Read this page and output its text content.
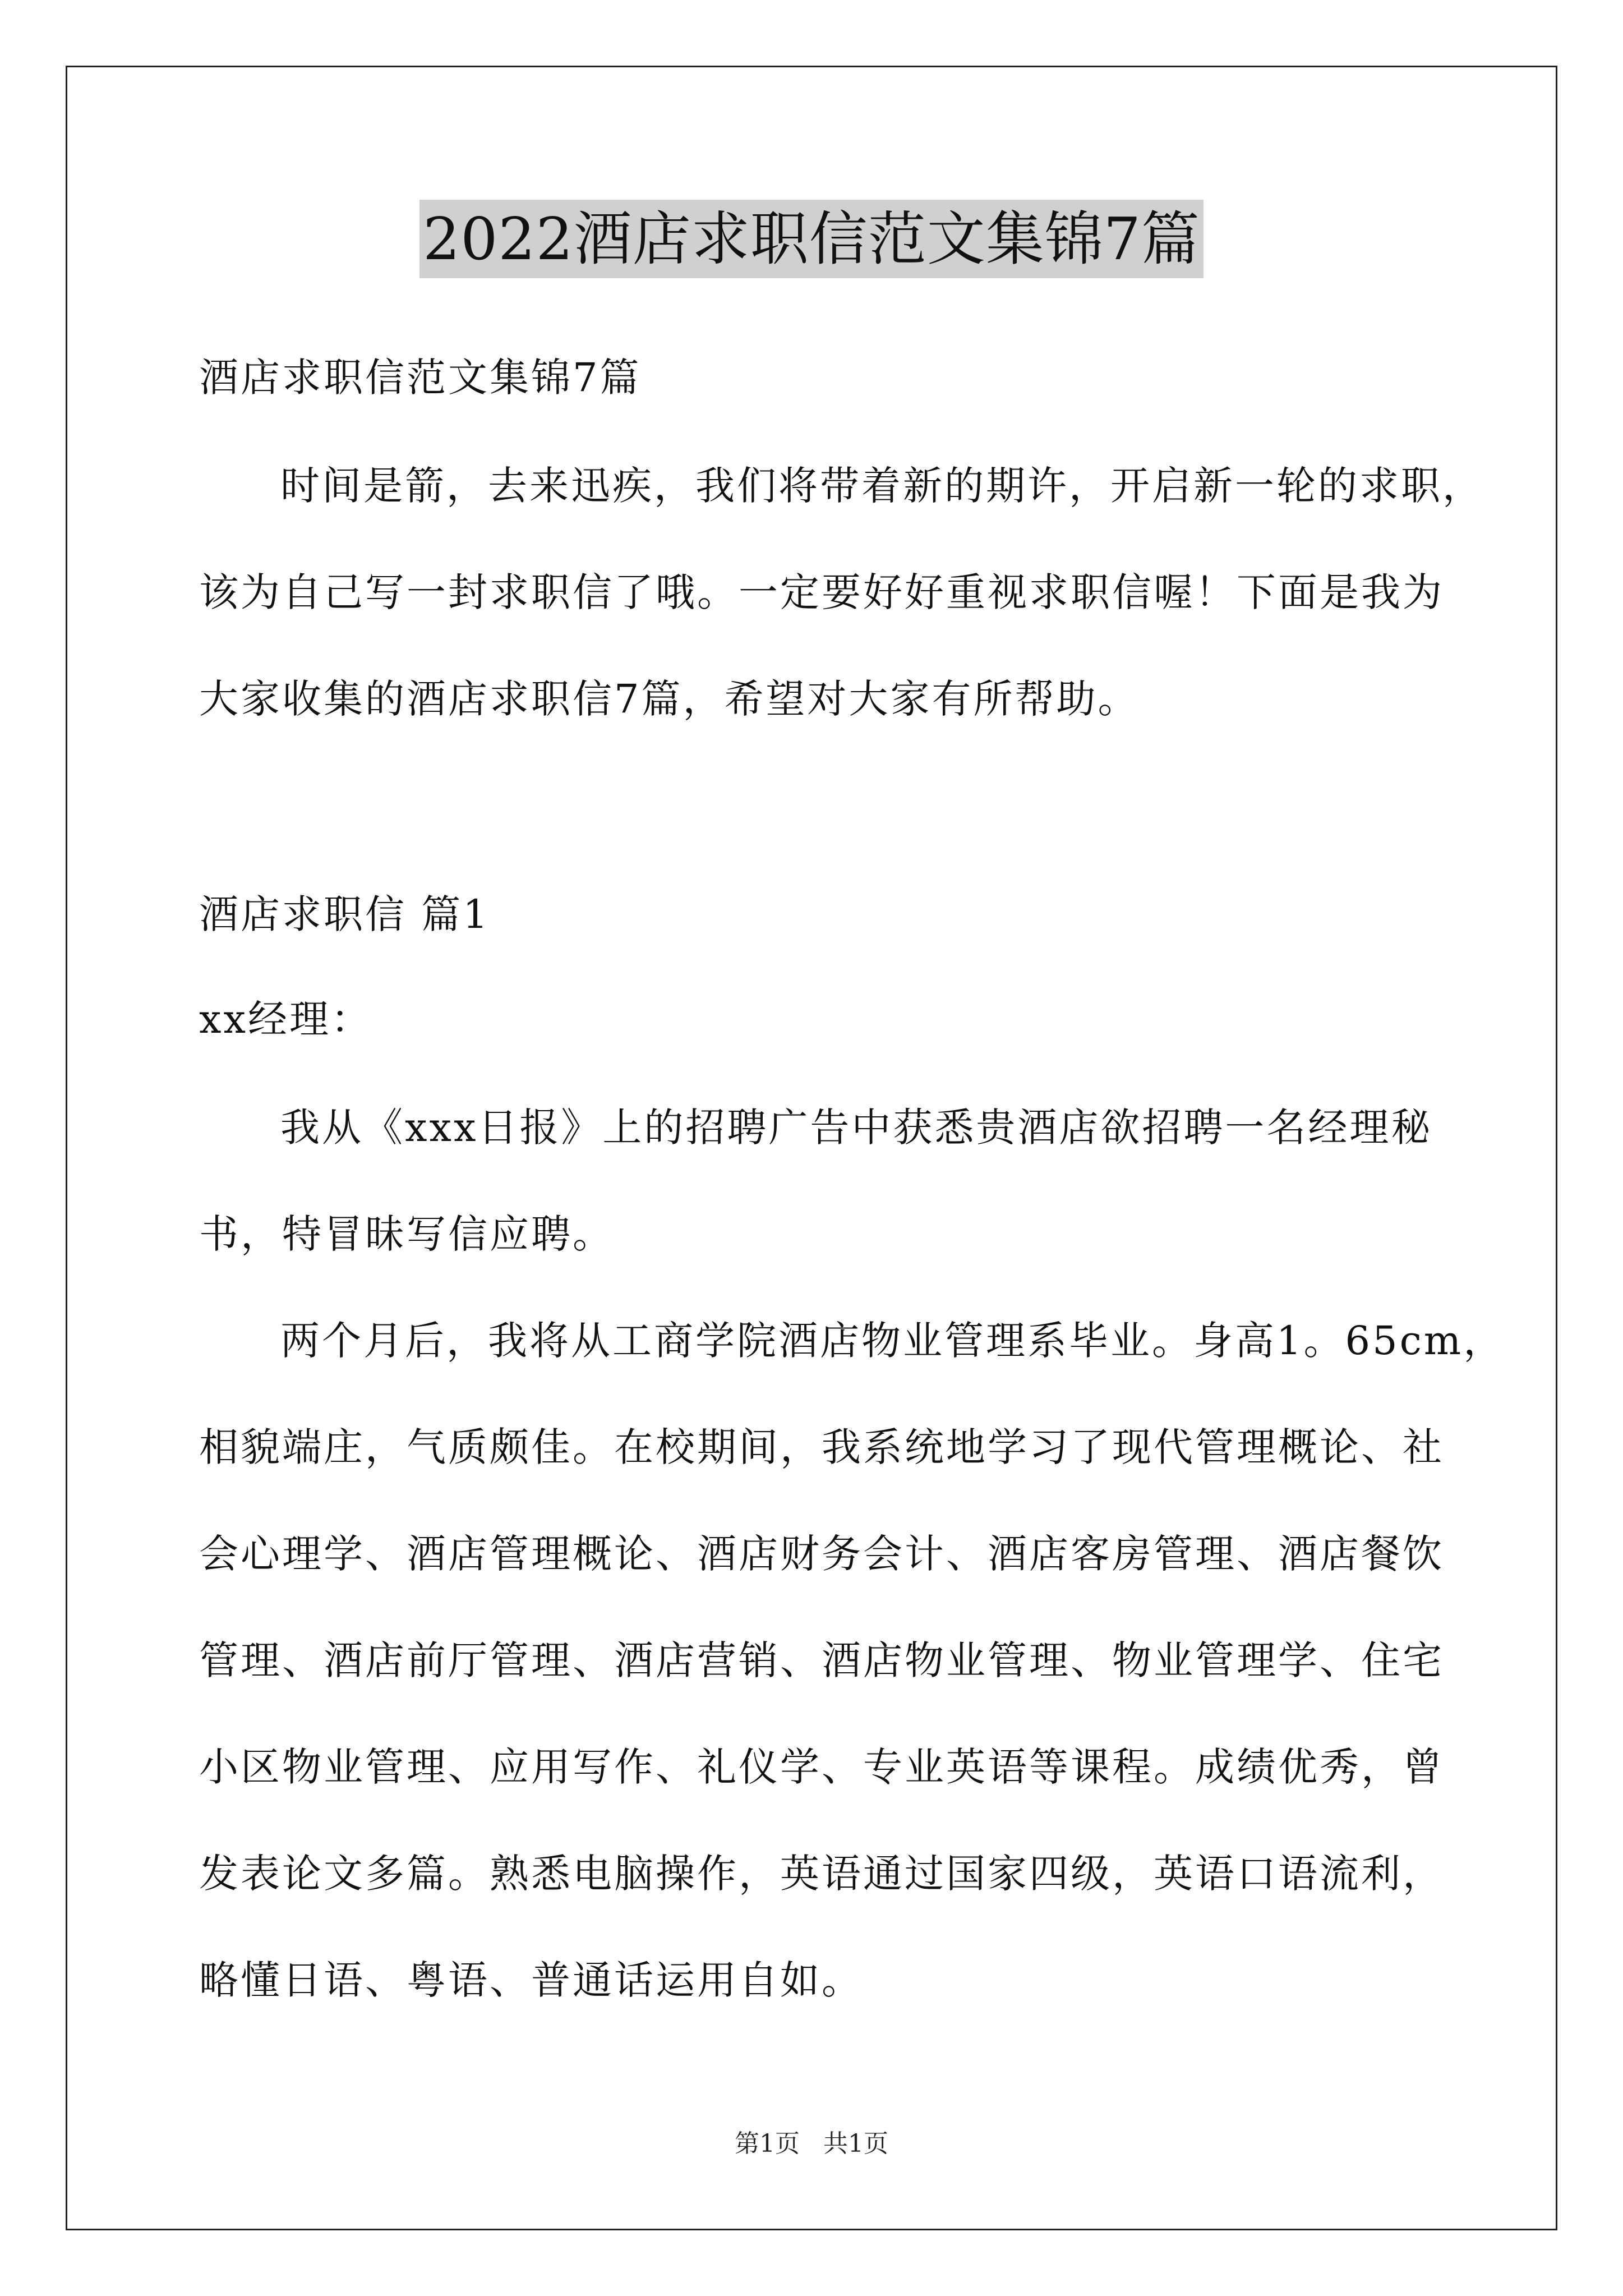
2022酒店求职信范文集锦7篇
酒店求职信范文集锦7篇
时间是箭，去来迅疾，我们将带着新的期许，开启新一轮的求职，
该为自己写一封求职信了哦。一定要好好重视求职信喔！下面是我为
大家收集的酒店求职信7篇，希望对大家有所帮助。
酒店求职信 篇1
xx经理：
我从《xxx日报》上的招聘广告中获悉贵酒店欲招聘一名经理秘
书，特冒昧写信应聘。
两个月后，我将从工商学院酒店物业管理系毕业。身高1。65cm，
相貌端庄，气质颇佳。在校期间，我系统地学习了现代管理概论、社
会心理学、酒店管理概论、酒店财务会计、酒店客房管理、酒店餐饮
管理、酒店前厅管理、酒店营销、酒店物业管理、物业管理学、住宅
小区物业管理、应用写作、礼仪学、专业英语等课程。成绩优秀，曾
发表论文多篇。熟悉电脑操作，英语通过国家四级，英语口语流利，
略懂日语、粤语、普通话运用自如。
第1页 共1页
